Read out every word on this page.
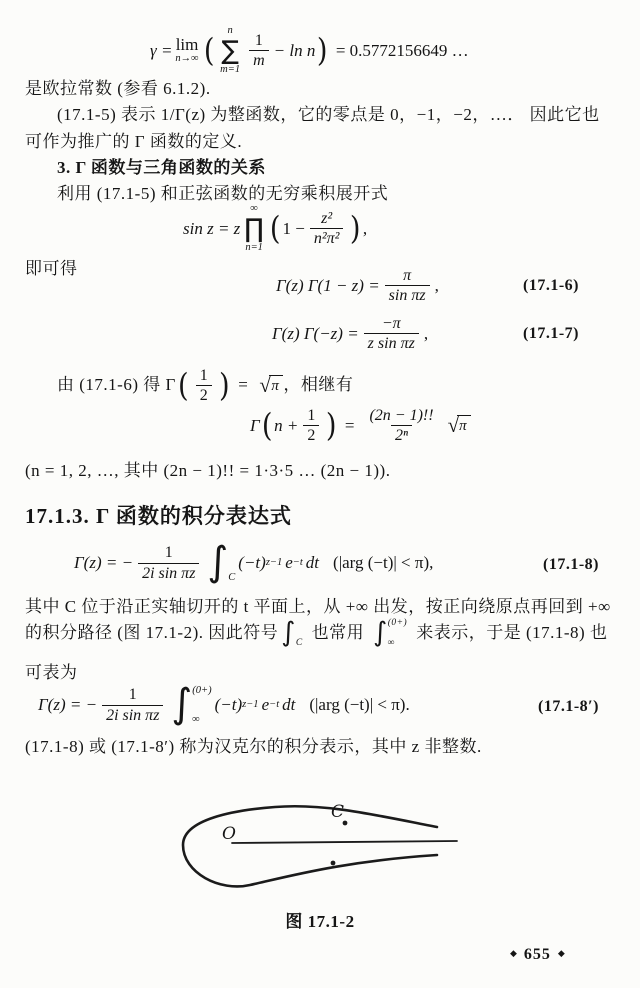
γ = lim
n→∞ ( n
∑
$m=1 \frac{1}{m} - \ln n$ ) = 0.5772156649 …
是欧拉常数 (参看 6.1.2).
(17.1-5) 表示 1/Γ(z) 为整函数，它的零点是 0，−1，−2，…． 因此它也
可作为推广的 Γ 函数的定义.
3. Γ 函数与三角函数的关系
利用 (17.1-5) 和正弦函数的无穷乘积展开式
sin z = z
∞
∏
n=1
( $1 - \frac{\text{z²}}{\text{n²π²}}$ ) ,
即可得
Γ(z) $\Gamma(1 - z) = \frac{\pi}{\text{sin πz}}$ ,	(17.1-6)
Γ(z) $\Gamma(-z) = \frac{-\pi}{\text{z sin πz}}$ ,	(17.1-7)
由 (17.1-6) 得 Γ ( $\frac{1}{2}$ ) = √ π ，相继有
Γ ( $n + \frac{1}{2}$ ) = $\frac{(2n - 1)!!}{\text{2ⁿ}}$ √ π
(n = 1, 2, …, 其中 (2n − 1)!! = 1·3·5 … (2n − 1)).
17.1.3. Γ 函数的积分表达式
Γ(z) = − $\frac{1}{\text{2i sin πz}}$ ∫ C
(−t) z−1 e −t dt (|arg (−t)| < π),	(17.1-8)
其中 C 位于沿正实轴切开的 t 平面上，从 +∞ 出发，按正向绕原点再回到 +∞
的积分路径 (图 17.1-2). 因此符号 ∫ C
也常用 ∫ (0+)
∞
来表示，于是 (17.1-8) 也
可表为
Γ(z) = − $\frac{1}{\text{2i sin πz}}$ ∫ (0+)
∞
(−t) z−1 e −t dt (|arg (−t)| < π).	(17.1-8′)
(17.1-8) 或 (17.1-8′) 称为汉克尔的积分表示，其中 z 非整数.
O
C
图 17.1-2
◆ 655 ◆
